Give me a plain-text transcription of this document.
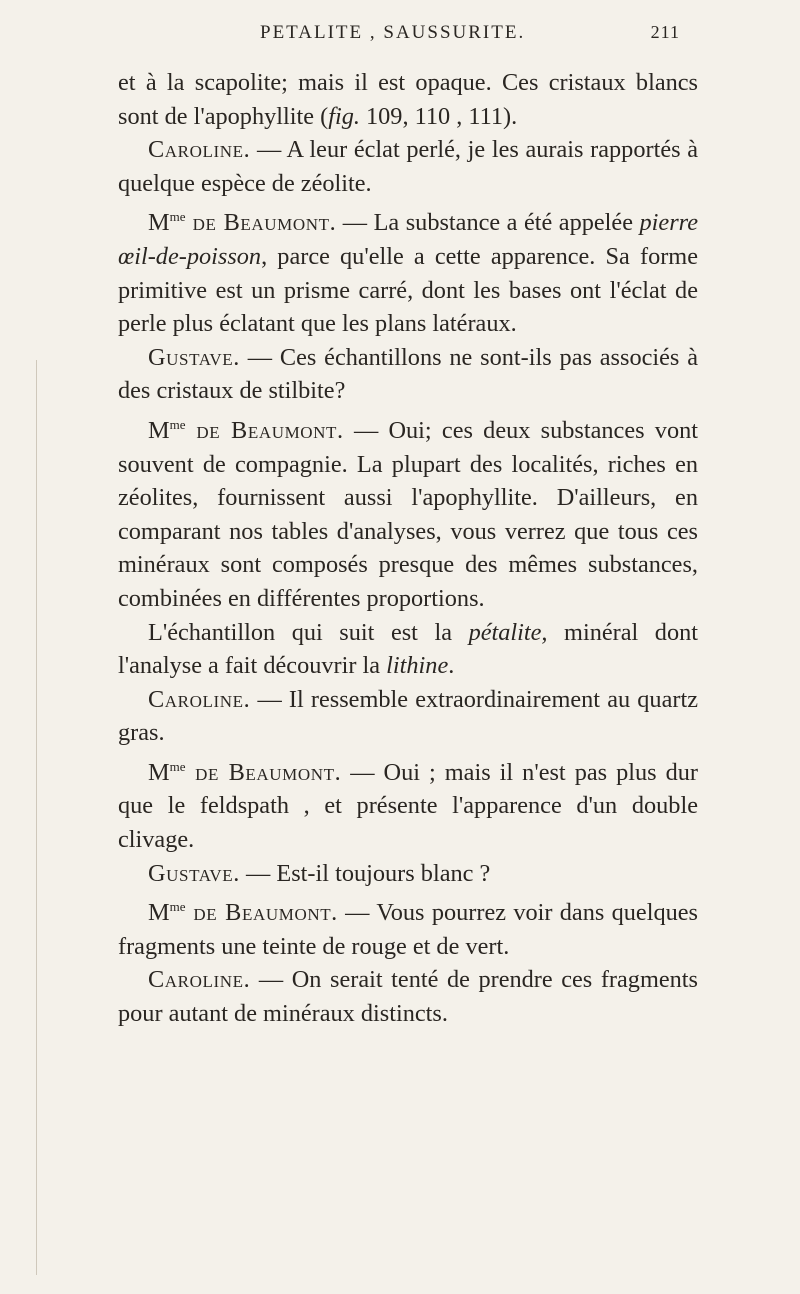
PETALITE , SAUSSURITE.	211

et à la scapolite; mais il est opaque. Ces cristaux blancs sont de l'apophyllite (fig. 109, 110 , 111).

Caroline. — A leur éclat perlé, je les aurais rapportés à quelque espèce de zéolite.

$M^{me}$ de Beaumont. — La substance a été appelée pierre œil-de-poisson, parce qu'elle a cette apparence. Sa forme primitive est un prisme carré, dont les bases ont l'éclat de perle plus éclatant que les plans latéraux.

Gustave. — Ces échantillons ne sont-ils pas associés à des cristaux de stilbite?

$M^{me}$ de Beaumont. — Oui; ces deux substances vont souvent de compagnie. La plupart des localités, riches en zéolites, fournissent aussi l'apophyllite. D'ailleurs, en comparant nos tables d'analyses, vous verrez que tous ces minéraux sont composés presque des mêmes substances, combinées en différentes proportions.

L'échantillon qui suit est la pétalite, minéral dont l'analyse a fait découvrir la lithine.

Caroline. — Il ressemble extraordinairement au quartz gras.

$M^{me}$ de Beaumont. — Oui ; mais il n'est pas plus dur que le feldspath , et présente l'apparence d'un double clivage.

Gustave. — Est-il toujours blanc ?

$M^{me}$ de Beaumont. — Vous pourrez voir dans quelques fragments une teinte de rouge et de vert.

Caroline. — On serait tenté de prendre ces fragments pour autant de minéraux distincts.
